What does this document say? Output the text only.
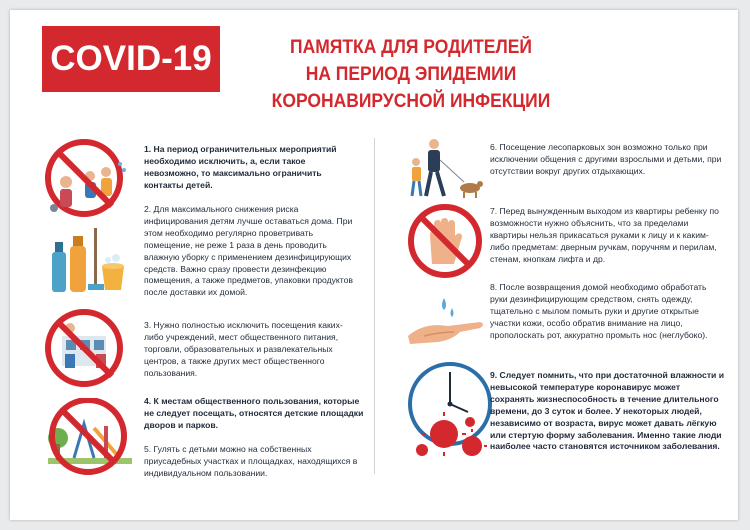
COVID-19	ПАМЯТКА ДЛЯ РОДИТЕЛЕЙ
НА ПЕРИОД ЭПИДЕМИИ
КОРОНАВИРУСНОЙ ИНФЕКЦИИ
1. На период ограничительных мероприятий необходимо исключить, а, если такое невозможно, то максимально ограничить контакты детей.
2. Для максимального снижения риска инфицирования детям лучше оставаться дома. При этом необходимо регулярно проветривать помещение, не реже 1 раза в день проводить влажную уборку с применением дезинфицирующих средств. Важно сразу провести дезинфекцию помещения, а также предметов, упаковки продуктов после доставки их домой.
3. Нужно полностью исключить посещения каких-либо учреждений, мест общественного питания, торговли, образовательных и развлекательных центров, а также других мест общественного пользования.
4. К местам общественного пользования, которые не следует посещать, относятся детские площадки дворов и парков.
5. Гулять с детьми можно на собственных приусадебных участках и площадках, находящихся в индивидуальном пользовании.
6. Посещение лесопарковых зон возможно только при исключении общения с другими взрослыми и детьми, при отсутствии вокруг других отдыхающих.
7. Перед вынужденным выходом из квартиры ребенку по возможности нужно объяснить, что за пределами квартиры нельзя прикасаться руками к лицу и к каким-либо предметам: дверным ручкам, поручням и перилам, стенам, кнопкам лифта и др.
8. После возвращения домой необходимо обработать руки дезинфицирующим средством, снять одежду, тщательно с мылом помыть руки и другие открытые участки кожи, особо обратив внимание на лицо, прополоскать рот, аккуратно промыть нос (неглубоко).
9. Следует помнить, что при достаточной влажности и невысокой температуре коронавирус может сохранять жизнеспособность в течение длительного времени, до 3 суток и более. У некоторых людей, независимо от возраста, вирус может давать лёгкую или стертую форму заболевания. Именно такие люди наиболее часто становятся источником заболевания.
